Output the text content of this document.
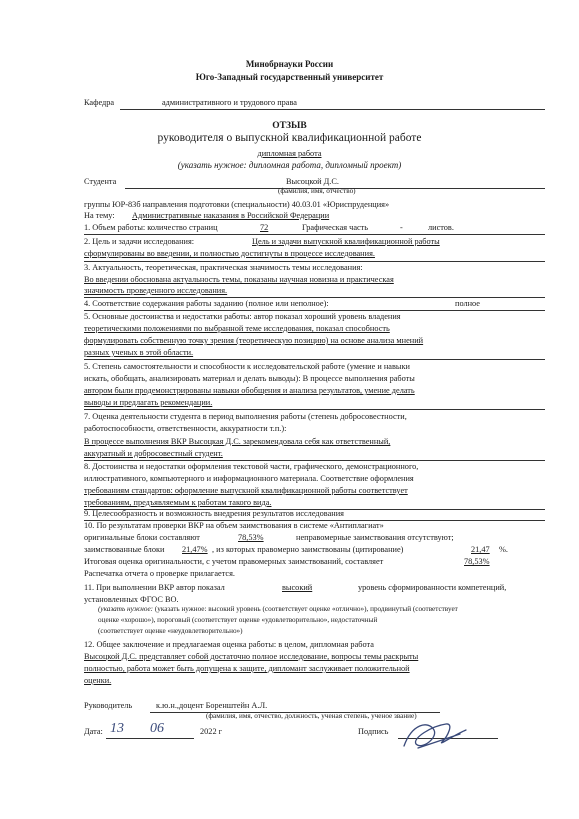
Минобрнауки России
Юго-Западный государственный университет
Кафедра	административного и трудового права
ОТЗЫВ
руководителя о выпускной квалификационной работе
дипломная работа
(указать нужное: дипломная работа, дипломный проект)
Студента	Высоцкой Д.С.
(фамилия, имя, отчество)
группы ЮР-83б направления подготовки (специальности) 40.03.01 «Юриспруденция»
На тему: Административные наказания в Российской Федерации
1. Объем работы: количество страниц	72	Графическая часть	-	листов.
2. Цель и задачи исследования:	Цель и задачи выпускной квалификационной работы
сформулированы во введении, и полностью достигнуты в процессе исследования.
3. Актуальность, теоретическая, практическая значимость темы исследования:
Во введении обоснована актуальность темы, показаны научная новизна и практическая
значимость проведенного исследования.
4. Соответствие содержания работы заданию (полное или неполное):	полное
5. Основные достоинства и недостатки работы: автор показал хороший уровень владения
теоретическими положениями по выбранной теме исследования, показал способность
формулировать собственную точку зрения (теоретическую позицию) на основе анализа мнений
разных ученых в этой области.
5. Степень самостоятельности и способности к исследовательской работе (умение и навыки
искать, обобщать, анализировать материал и делать выводы): В процессе выполнения работы
автором были продемонстрированы навыки обобщения и анализа результатов, умение делать
выводы и предлагать рекомендации.
7. Оценка деятельности студента в период выполнения работы (степень добросовестности,
работоспособности, ответственности, аккуратности т.п.):
В процессе выполнения ВКР Высоцкая Д.С. зарекомендовала себя как ответственный,
аккуратный и добросовестный студент.
8. Достоинства и недостатки оформления текстовой части, графического, демонстрационного,
иллюстративного, компьютерного и информационного материала. Соответствие оформления
требованиям стандартов: оформление выпускной квалификационной работы соответствует
требованиям, предъявляемым к работам такого вида.
9. Целесообразность и возможность внедрения результатов исследования
10. По результатам проверки ВКР на объем заимствования в системе «Антиплагиат»
оригинальные блоки составляют	78,53%	неправомерные заимствования отсутствуют;
заимствованные блоки 21,47% , из которых правомерно заимствованы (цитирование)	21,47 %.
Итоговая оценка оригинальности, с учетом правомерных заимствований, составляет	78,53%
Распечатка отчета о проверке прилагается.
11. При выполнении ВКР автор показал	высокий	уровень сформированности компетенций,
установленных ФГОС ВО.
(указать нужное: (указать нужное: высокий уровень (соответствует оценке «отлично»), продвинутый (соответствует
оценке «хорошо»), пороговый (соответствует оценке «удовлетворительно», недостаточный
(соответствует оценке «неудовлетворительно»)
12. Общее заключение и предлагаемая оценка работы: в целом, дипломная работа
Высоцкой Д.С. представляет собой достаточно полное исследование, вопросы темы раскрыты
полностью, работа может быть допущена к защите, дипломант заслуживает положительной
оценки.
Руководитель	к.ю.н.,доцент Боренштейн А.Л.
(фамилия, имя, отчество, должность, ученая степень, ученое звание)
Дата: 13 06	2022 г	Подпись
